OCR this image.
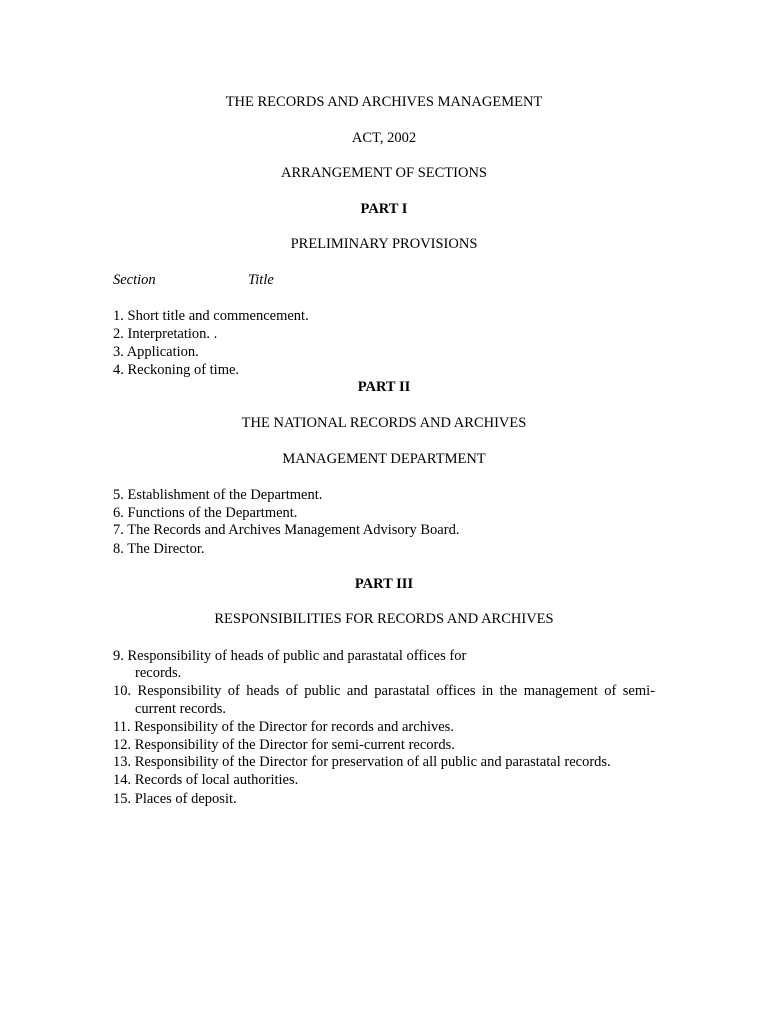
THE RECORDS AND ARCHIVES MANAGEMENT
ACT, 2002
ARRANGEMENT OF SECTIONS
PART I
PRELIMINARY PROVISIONS
Section	Title
1. Short title and commencement.
2. Interpretation. .
3. Application.
4. Reckoning of time.
PART II
THE NATIONAL RECORDS AND ARCHIVES
MANAGEMENT DEPARTMENT
5. Establishment of the Department.
6. Functions of the Department.
7. The Records and Archives Management Advisory Board.
8. The Director.
PART III
RESPONSIBILITIES FOR RECORDS AND ARCHIVES
9. Responsibility of heads of public and parastatal offices for
records.
10. Responsibility of heads of public and parastatal offices in the management of semi-
current records.
11. Responsibility of the Director for records and archives.
12. Responsibility of the Director for semi-current records.
13. Responsibility of the Director for preservation of all public and parastatal records.
14. Records of local authorities.
15. Places of deposit.
